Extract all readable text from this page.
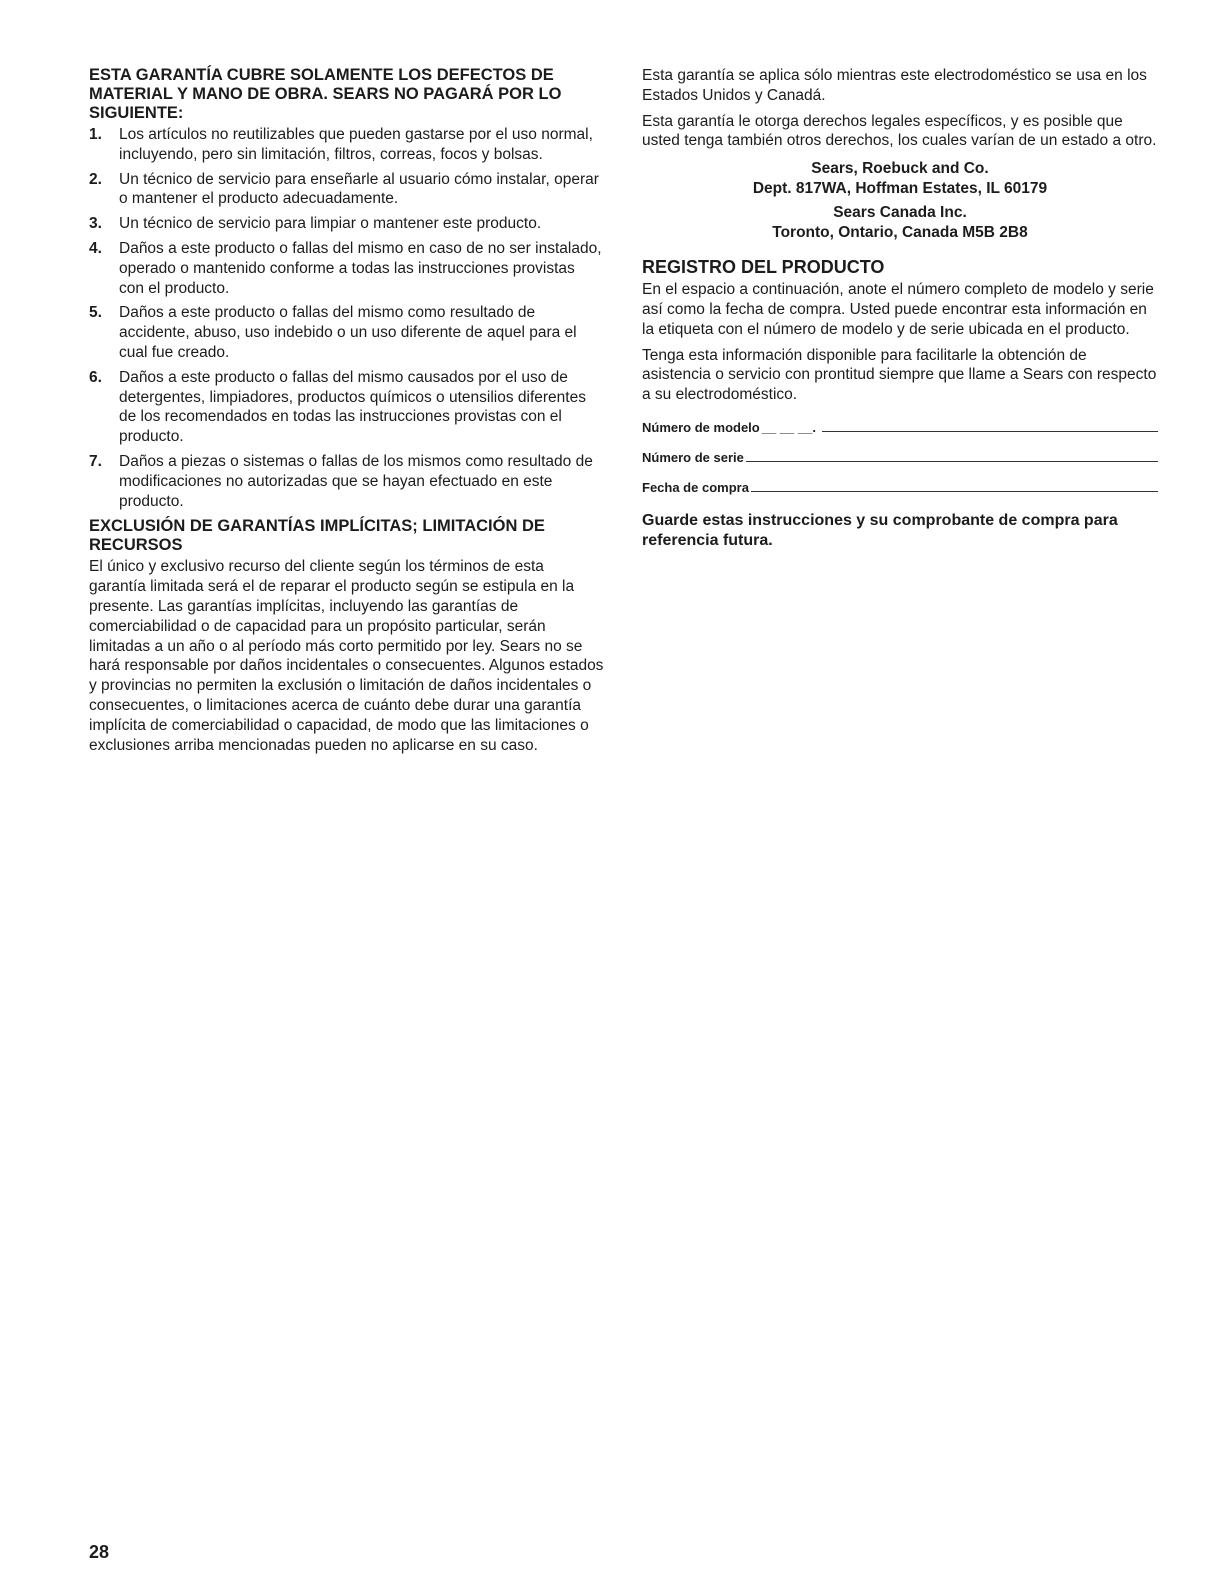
ESTA GARANTÍA CUBRE SOLAMENTE LOS DEFECTOS DE MATERIAL Y MANO DE OBRA. SEARS NO PAGARÁ POR LO SIGUIENTE:
1. Los artículos no reutilizables que pueden gastarse por el uso normal, incluyendo, pero sin limitación, filtros, correas, focos y bolsas.
2. Un técnico de servicio para enseñarle al usuario cómo instalar, operar o mantener el producto adecuadamente.
3. Un técnico de servicio para limpiar o mantener este producto.
4. Daños a este producto o fallas del mismo en caso de no ser instalado, operado o mantenido conforme a todas las instrucciones provistas con el producto.
5. Daños a este producto o fallas del mismo como resultado de accidente, abuso, uso indebido o un uso diferente de aquel para el cual fue creado.
6. Daños a este producto o fallas del mismo causados por el uso de detergentes, limpiadores, productos químicos o utensilios diferentes de los recomendados en todas las instrucciones provistas con el producto.
7. Daños a piezas o sistemas o fallas de los mismos como resultado de modificaciones no autorizadas que se hayan efectuado en este producto.
EXCLUSIÓN DE GARANTÍAS IMPLÍCITAS; LIMITACIÓN DE RECURSOS

El único y exclusivo recurso del cliente según los términos de esta garantía limitada será el de reparar el producto según se estipula en la presente. Las garantías implícitas, incluyendo las garantías de comerciabilidad o de capacidad para un propósito particular, serán limitadas a un año o al período más corto permitido por ley. Sears no se hará responsable por daños incidentales o consecuentes. Algunos estados y provincias no permiten la exclusión o limitación de daños incidentales o consecuentes, o limitaciones acerca de cuánto debe durar una garantía implícita de comerciabilidad o capacidad, de modo que las limitaciones o exclusiones arriba mencionadas pueden no aplicarse en su caso.

Esta garantía se aplica sólo mientras este electrodoméstico se usa en los Estados Unidos y Canadá.

Esta garantía le otorga derechos legales específicos, y es posible que usted tenga también otros derechos, los cuales varían de un estado a otro.

Sears, Roebuck and Co.
Dept. 817WA, Hoffman Estates, IL 60179
Sears Canada Inc.
Toronto, Ontario, Canada M5B 2B8
REGISTRO DEL PRODUCTO

En el espacio a continuación, anote el número completo de modelo y serie así como la fecha de compra. Usted puede encontrar esta información en la etiqueta con el número de modelo y de serie ubicada en el producto.

Tenga esta información disponible para facilitarle la obtención de asistencia o servicio con prontitud siempre que llame a Sears con respecto a su electrodoméstico.

Número de modelo __ __ __.
Número de serie
Fecha de compra
Guarde estas instrucciones y su comprobante de compra para referencia futura.
28
